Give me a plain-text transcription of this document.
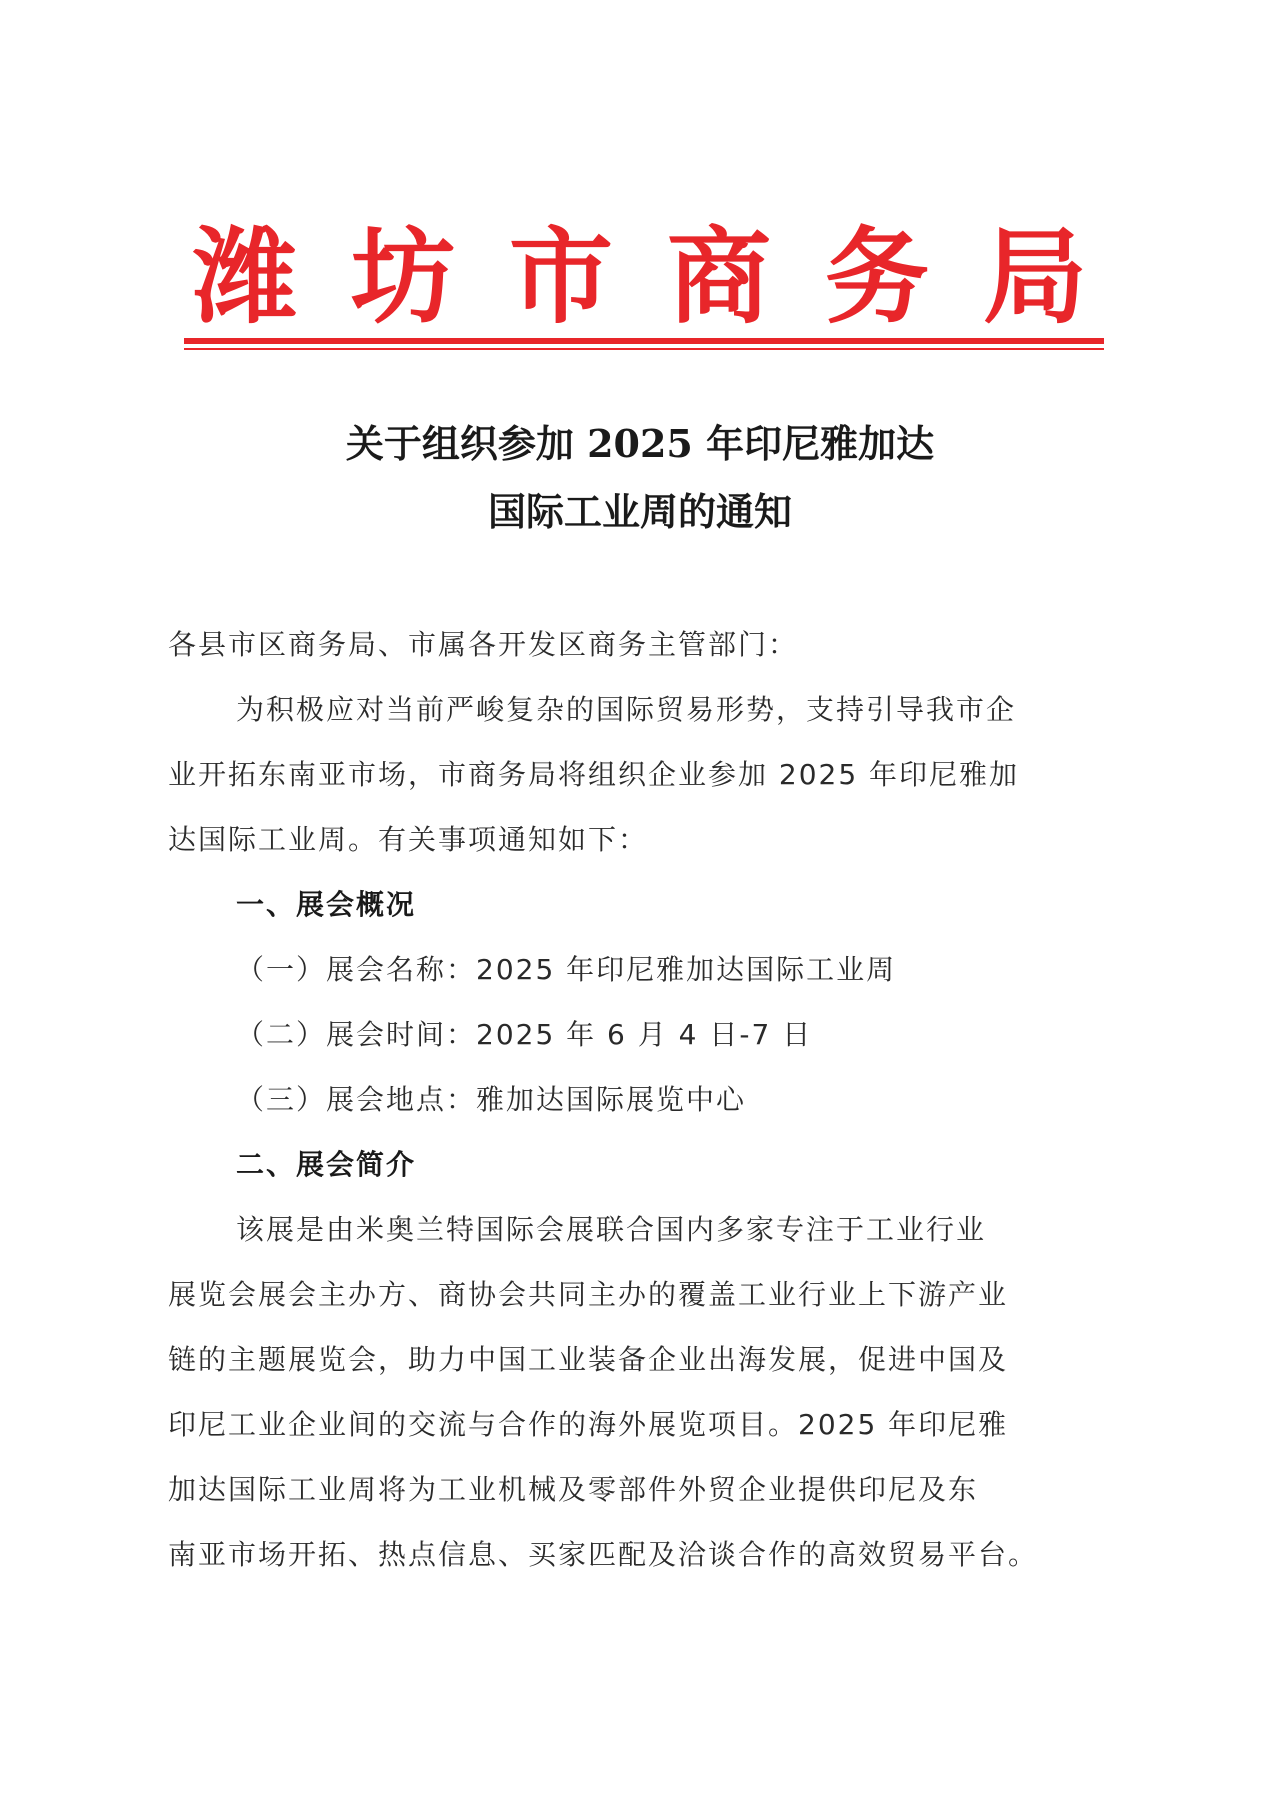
潍 坊 市 商 务 局
关于组织参加 2025 年印尼雅加达
国际工业周的通知
各县市区商务局、市属各开发区商务主管部门：
为积极应对当前严峻复杂的国际贸易形势，支持引导我市企
业开拓东南亚市场，市商务局将组织企业参加 2025 年印尼雅加
达国际工业周。有关事项通知如下：
一、展会概况
（一）展会名称：2025 年印尼雅加达国际工业周
（二）展会时间：2025 年 6 月 4 日-7 日
（三）展会地点：雅加达国际展览中心
二、展会简介
该展是由米奥兰特国际会展联合国内多家专注于工业行业
展览会展会主办方、商协会共同主办的覆盖工业行业上下游产业
链的主题展览会，助力中国工业装备企业出海发展，促进中国及
印尼工业企业间的交流与合作的海外展览项目。2025 年印尼雅
加达国际工业周将为工业机械及零部件外贸企业提供印尼及东
南亚市场开拓、热点信息、买家匹配及洽谈合作的高效贸易平台。
